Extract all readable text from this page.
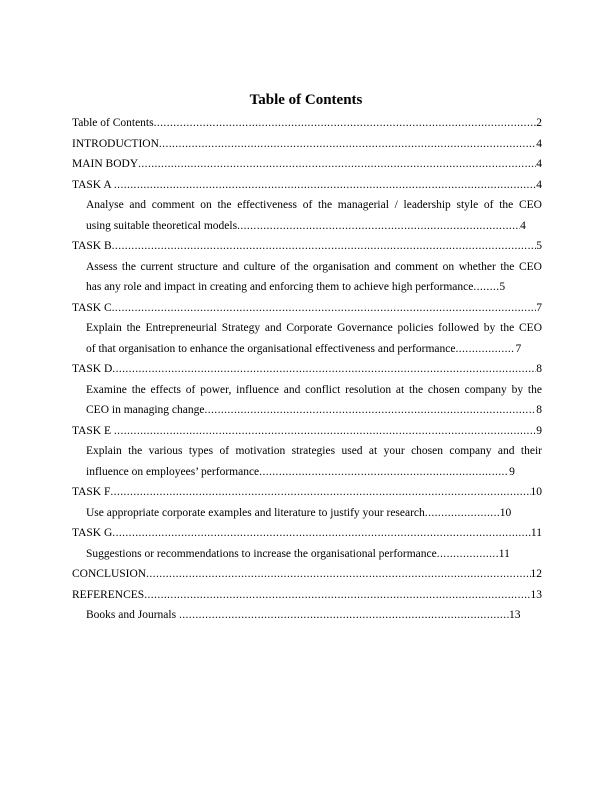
Table of Contents
Table of Contents .....	2
INTRODUCTION .....	4
MAIN BODY .....	4
TASK A .....	4
Analyse and comment on the effectiveness of the managerial / leadership style of the CEO
using suitable theoretical models .....	4
TASK B .....	5
Assess the current structure and culture of the organisation and comment on whether the CEO
has any role and impact in creating and enforcing them to achieve high performance ..... 5
TASK C .....	7
Explain the Entrepreneurial Strategy and Corporate Governance policies followed by the CEO
of that organisation to enhance the organisational effectiveness and performance .....	7
TASK D .....	8
Examine the effects of power, influence and conflict resolution at the chosen company by the
CEO in managing change .....	8
TASK E .....	9
Explain the various types of motivation strategies used at your chosen company and their
influence on employees’ performance .....	9
TASK F .....	10
Use appropriate corporate examples and literature to justify your research .....	10
TASK G .....	11
Suggestions or recommendations to increase the organisational performance .....	11
CONCLUSION .....	12
REFERENCES .....	13
Books and Journals .....	13
